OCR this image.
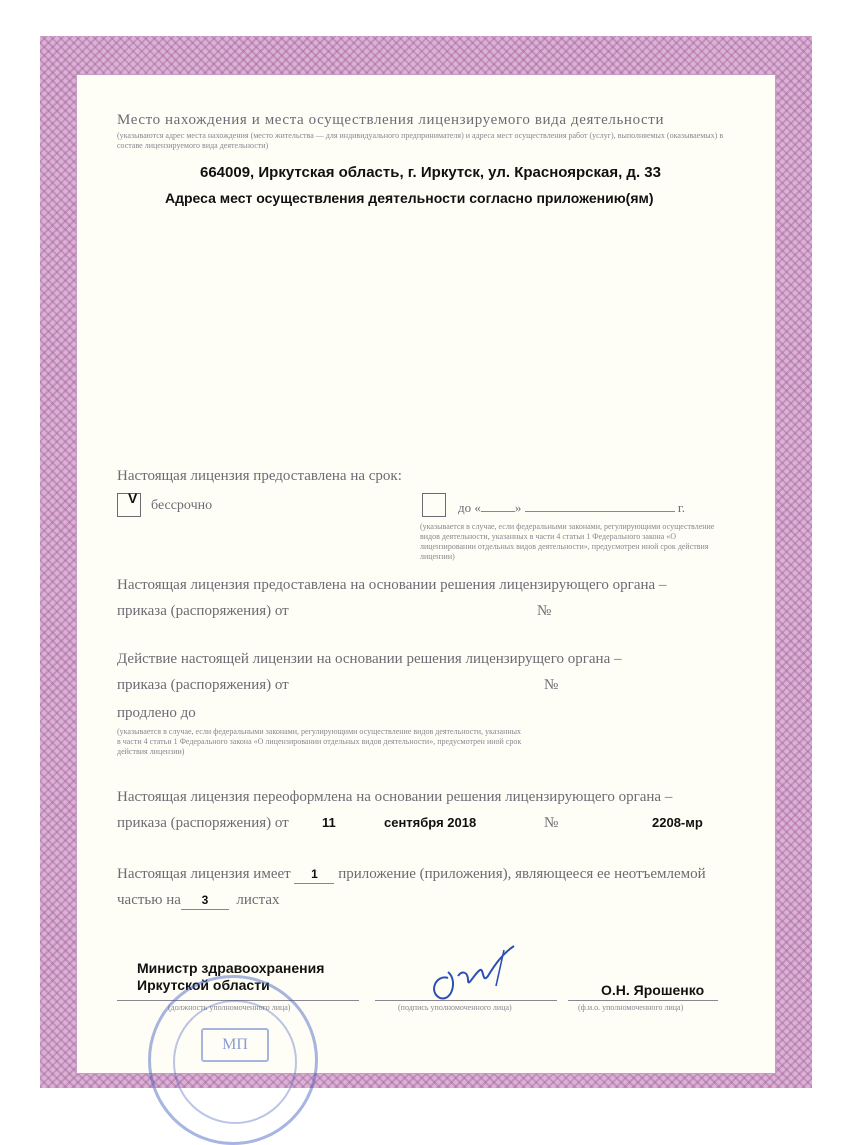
Место нахождения и места осуществления лицензируемого вида деятельности
(указываются адрес места нахождения (место жительства — для индивидуального предпринимателя) и адреса мест осуществления работ (услуг), выполняемых (оказываемых) в составе лицензируемого вида деятельности)
664009, Иркутская область, г. Иркутск, ул. Красноярская, д. 33
Адреса мест осуществления деятельности согласно приложению(ям)
Настоящая лицензия предоставлена на срок:
V бессрочно	до «	»	г.
(указывается в случае, если федеральными законами, регулирующими осуществление видов деятельности, указанных в части 4 статьи 1 Федерального закона «О лицензировании отдельных видов деятельности», предусмотрен иной срок действия лицензии)
Настоящая лицензия предоставлена на основании решения лицензирующего органа –
приказа (распоряжения) от	№
Действие настоящей лицензии на основании решения лицензирущего органа –
приказа (распоряжения) от	№
продлено до
(указывается в случае, если федеральными законами, регулирующими осуществление видов деятельности, указанных в части 4 статьи 1 Федерального закона «О лицензировании отдельных видов деятельности», предусмотрен иной срок действия лицензии)
Настоящая лицензия переоформлена на основании решения лицензирующего органа –
приказа (распоряжения) от	11	сентября 2018	№	2208-мр
Настоящая лицензия имеет 1 приложение (приложения), являющееся ее неотъемлемой
частью на 3 листах
Министр здравоохранения
Иркутской области
(должность уполномоченного лица)	(подпись уполномоченного лица)
О.Н. Ярошенко
(ф.и.о. уполномоченного лица)
МП
